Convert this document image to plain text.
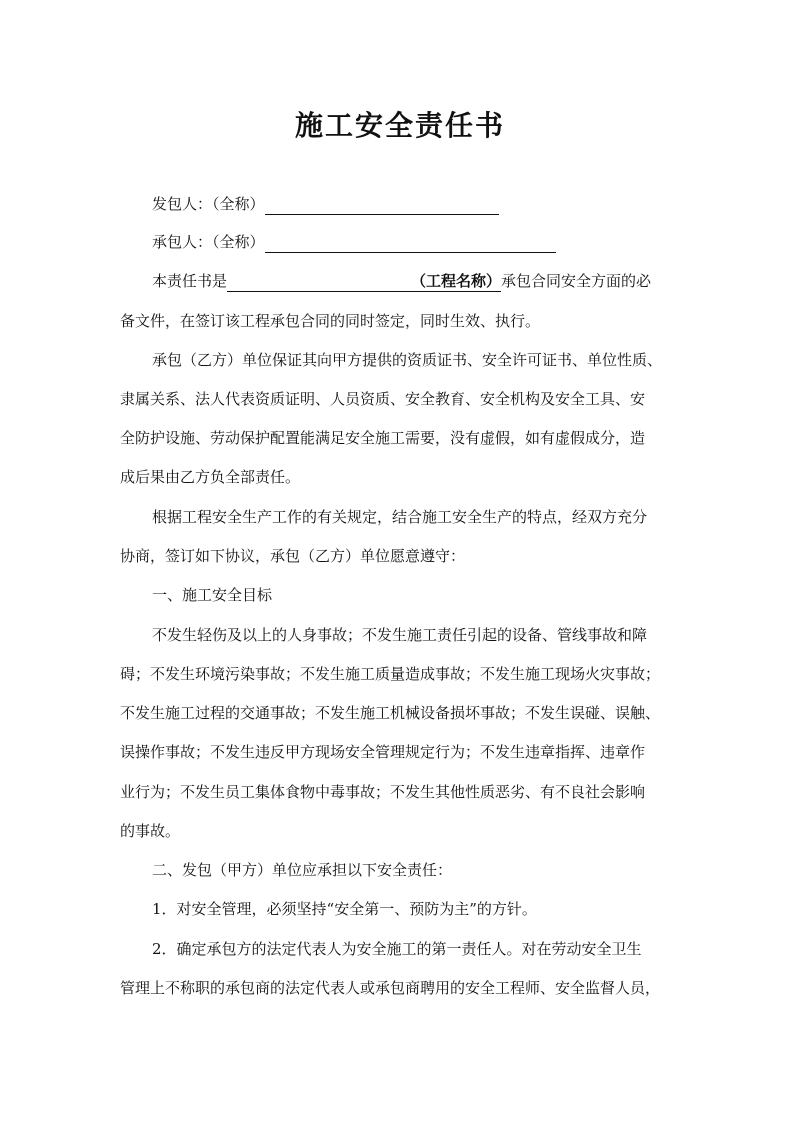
施工安全责任书
发包人：（全称）
承包人：（全称）
本责任书是	（工程名称）承包合同安全方面的必
备文件，在签订该工程承包合同的同时签定，同时生效、执行。
承包（乙方）单位保证其向甲方提供的资质证书、安全许可证书、单位性质、
隶属关系、法人代表资质证明、人员资质、安全教育、安全机构及安全工具、安
全防护设施、劳动保护配置能满足安全施工需要，没有虚假，如有虚假成分，造
成后果由乙方负全部责任。
根据工程安全生产工作的有关规定，结合施工安全生产的特点，经双方充分
协商，签订如下协议，承包（乙方）单位愿意遵守：
一、施工安全目标
不发生轻伤及以上的人身事故；不发生施工责任引起的设备、管线事故和障
碍；不发生环境污染事故；不发生施工质量造成事故；不发生施工现场火灾事故；
不发生施工过程的交通事故；不发生施工机械设备损坏事故；不发生误碰、误触、
误操作事故；不发生违反甲方现场安全管理规定行为；不发生违章指挥、违章作
业行为；不发生员工集体食物中毒事故；不发生其他性质恶劣、有不良社会影响
的事故。
二、发包（甲方）单位应承担以下安全责任：
1．对安全管理，必须坚持“安全第一、预防为主”的方针。
2．确定承包方的法定代表人为安全施工的第一责任人。对在劳动安全卫生
管理上不称职的承包商的法定代表人或承包商聘用的安全工程师、安全监督人员，
